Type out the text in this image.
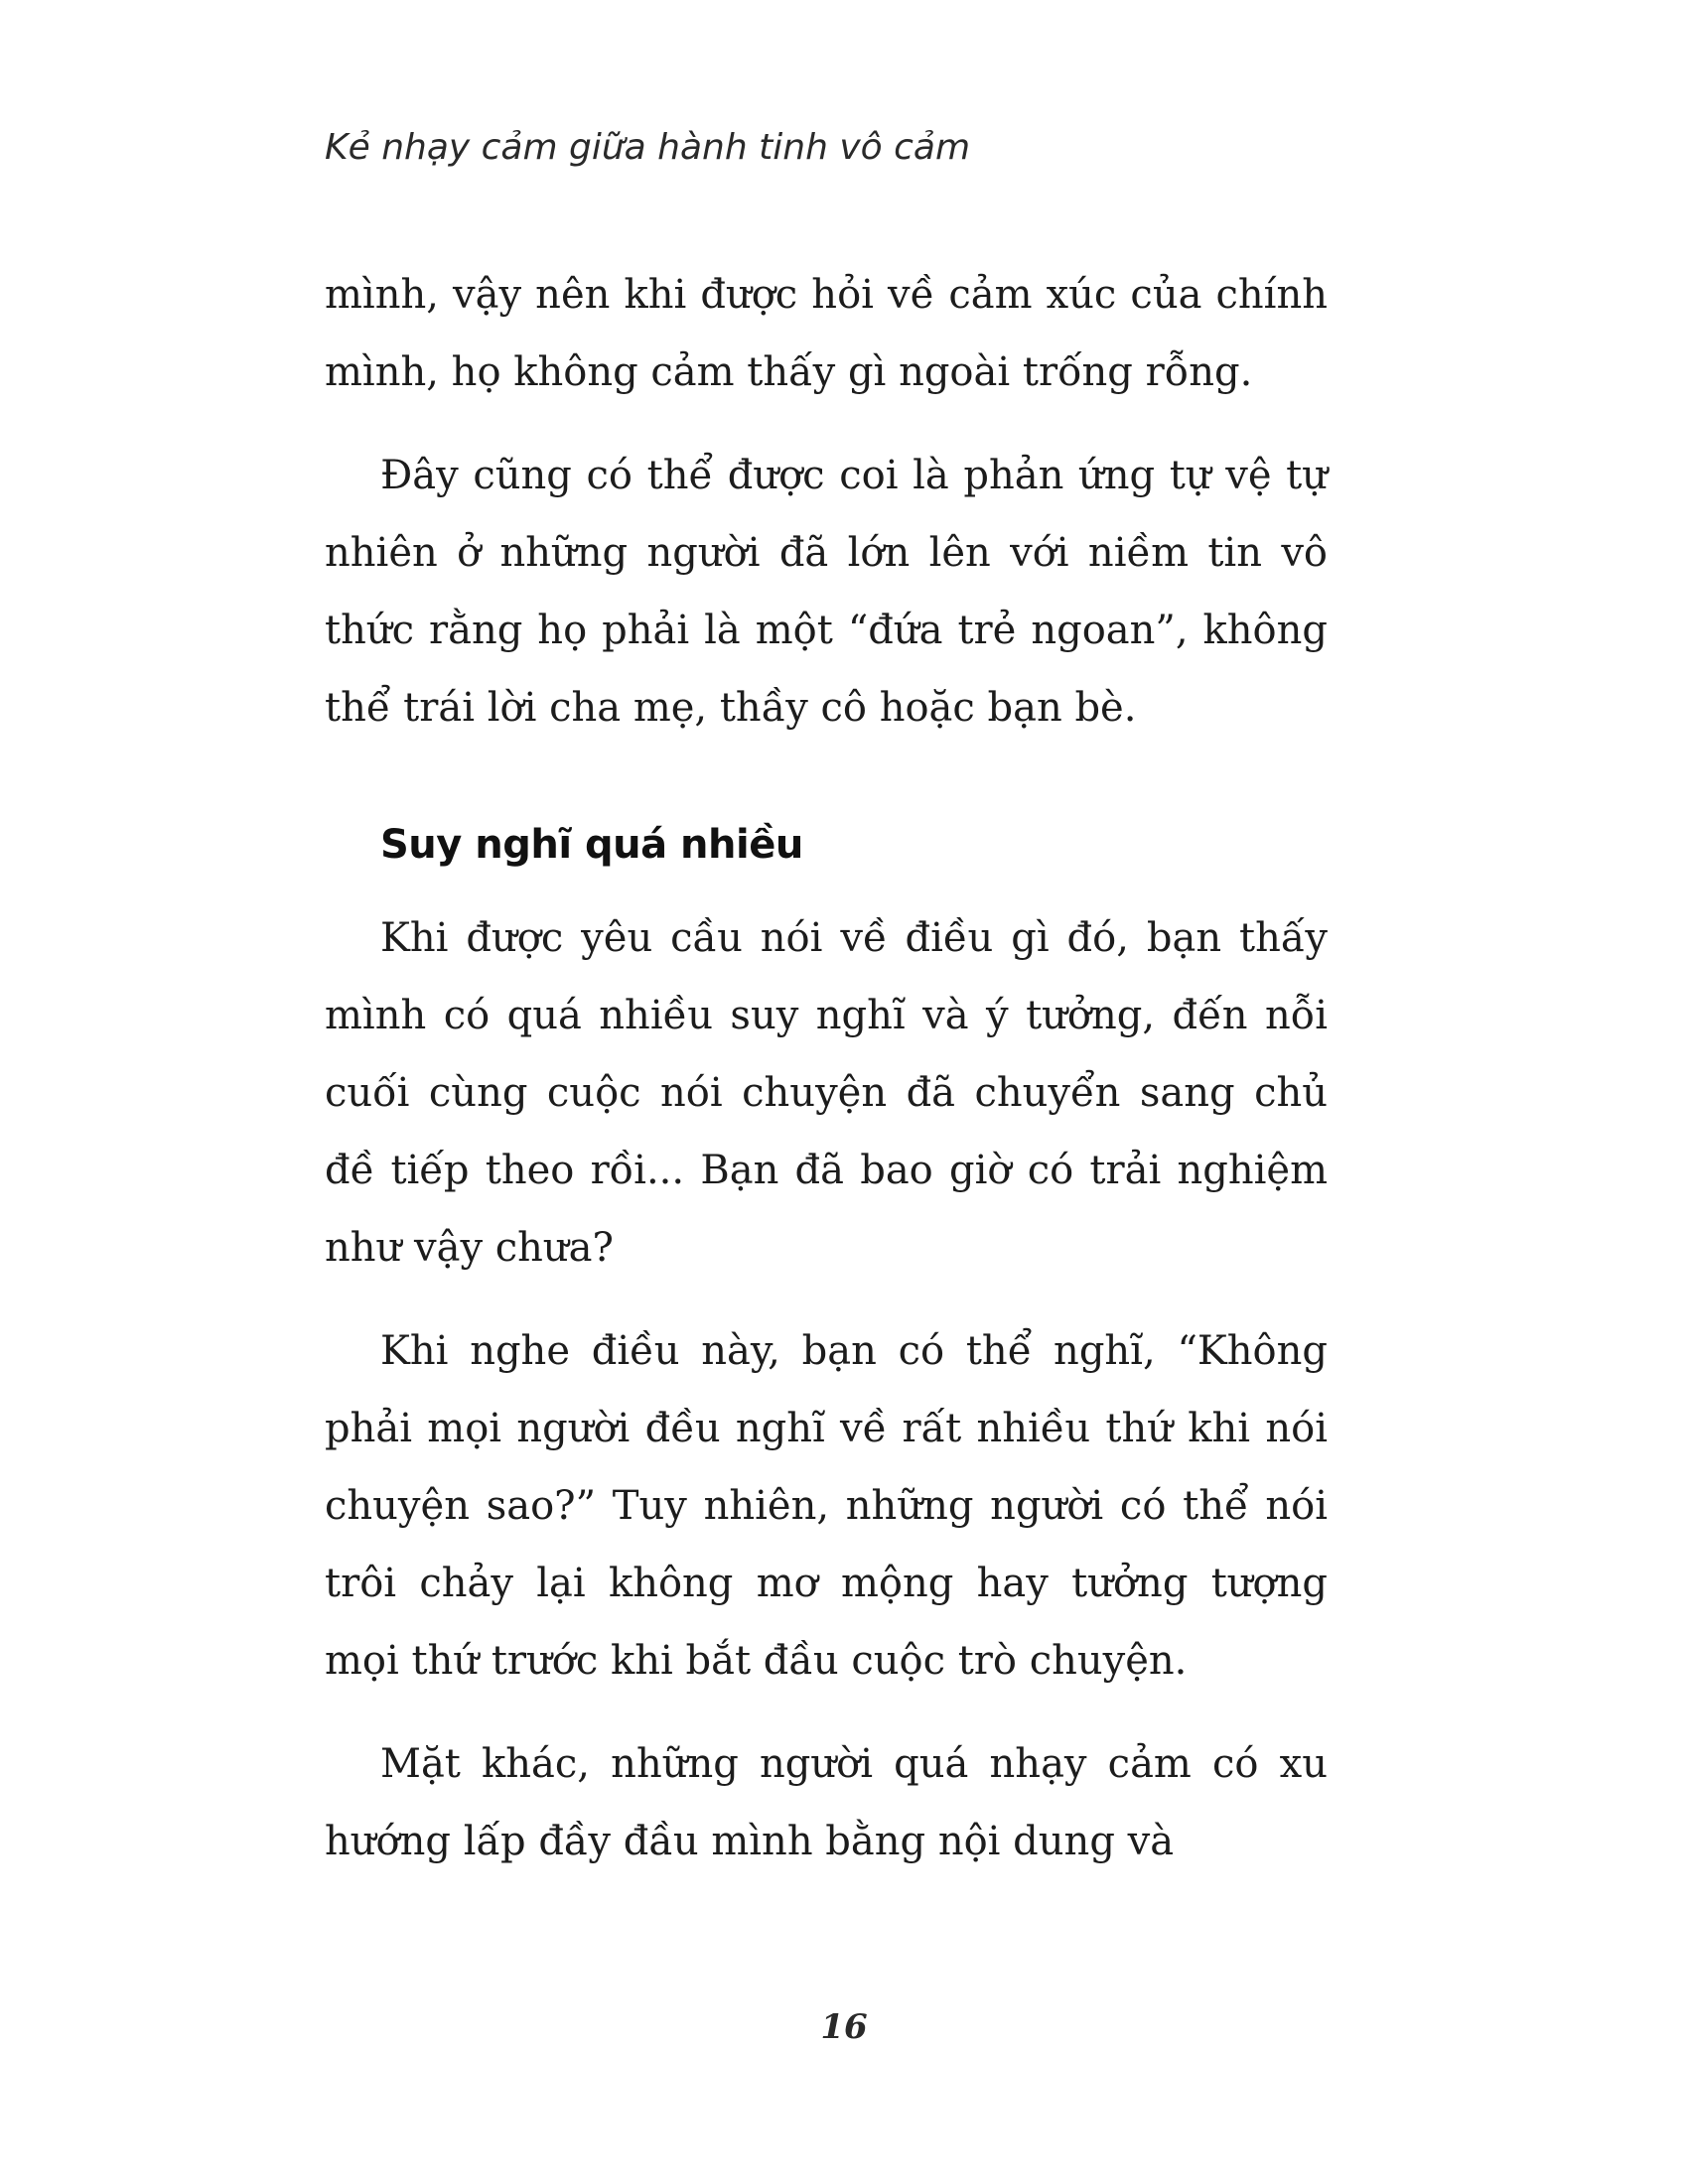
Kẻ nhạy cảm giữa hành tinh vô cảm

mình, vậy nên khi được hỏi về cảm xúc của chính mình, họ không cảm thấy gì ngoài trống rỗng.

Đây cũng có thể được coi là phản ứng tự vệ tự nhiên ở những người đã lớn lên với niềm tin vô thức rằng họ phải là một “đứa trẻ ngoan”, không thể trái lời cha mẹ, thầy cô hoặc bạn bè.

Suy nghĩ quá nhiều

Khi được yêu cầu nói về điều gì đó, bạn thấy mình có quá nhiều suy nghĩ và ý tưởng, đến nỗi cuối cùng cuộc nói chuyện đã chuyển sang chủ đề tiếp theo rồi... Bạn đã bao giờ có trải nghiệm như vậy chưa?

Khi nghe điều này, bạn có thể nghĩ, “Không phải mọi người đều nghĩ về rất nhiều thứ khi nói chuyện sao?” Tuy nhiên, những người có thể nói trôi chảy lại không mơ mộng hay tưởng tượng mọi thứ trước khi bắt đầu cuộc trò chuyện.

Mặt khác, những người quá nhạy cảm có xu hướng lấp đầy đầu mình bằng nội dung và

16
